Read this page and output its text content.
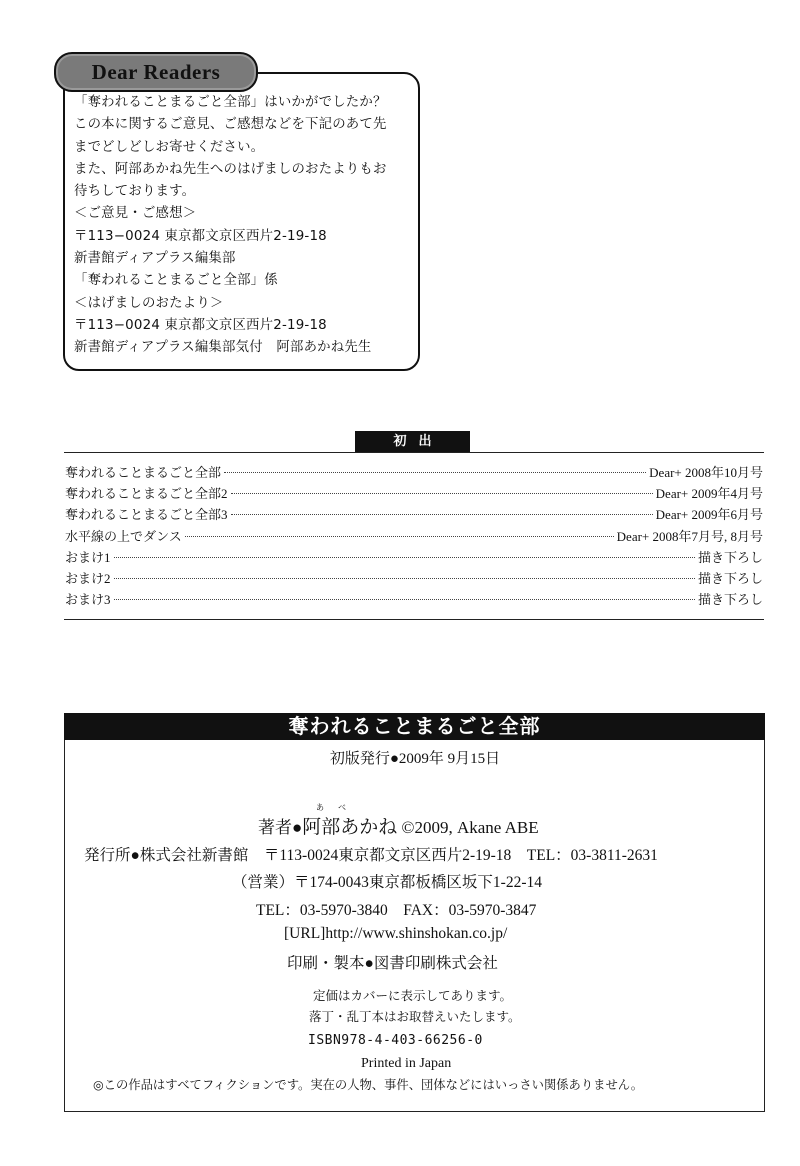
Dear Readers
「奪われることまるごと全部」はいかがでしたか？
この本に関するご意見、ご感想などを下記のあて先
までどしどしお寄せください。
また、阿部あかね先生へのはげましのおたよりもお
待ちしております。
＜ご意見・ご感想＞
〒113−0024 東京都文京区西片2-19-18
新書館ディアプラス編集部
「奪われることまるごと全部」係
＜はげましのおたより＞
〒113−0024 東京都文京区西片2-19-18
新書館ディアプラス編集部気付　阿部あかね先生
初出
奪われることまるごと全部	Dear+ 2008年10月号
奪われることまるごと全部2	Dear+ 2009年4月号
奪われることまるごと全部3	Dear+ 2009年6月号
水平線の上でダンス	Dear+ 2008年7月号, 8月号
おまけ1	描き下ろし
おまけ2	描き下ろし
おまけ3	描き下ろし
奪われることまるごと全部
初版発行●2009年 9月15日
あべ
著者●阿部あかね ©2009, Akane ABE
発行所●株式会社新書館　〒113-0024東京都文京区西片2-19-18　TEL：03-3811-2631
（営業）〒174-0043東京都板橋区坂下1-22-14
TEL：03-5970-3840　FAX：03-5970-3847
[URL]http://www.shinshokan.co.jp/
印刷・製本●図書印刷株式会社
定価はカバーに表示してあります。
落丁・乱丁本はお取替えいたします。
ISBN978-4-403-66256-0
Printed in Japan
◎この作品はすべてフィクションです。実在の人物、事件、団体などにはいっさい関係ありません。
